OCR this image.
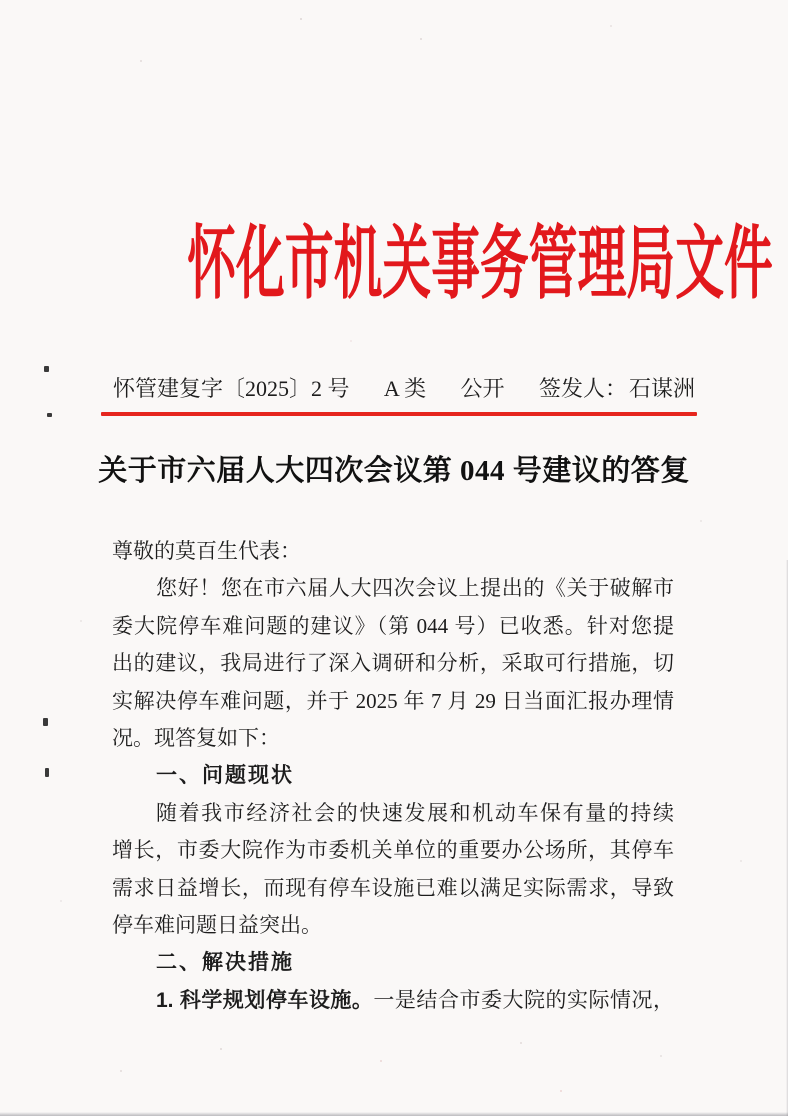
怀化市机关事务管理局文件
怀管建复字〔2025〕2 号 A 类 公开 签发人：石谋洲
关于市六届人大四次会议第 044 号建议的答复
尊敬的莫百生代表：
您好！您在市六届人大四次会议上提出的《关于破解市
委大院停车难问题的建议》（第 044 号）已收悉。针对您提
出的建议，我局进行了深入调研和分析，采取可行措施，切
实解决停车难问题，并于 2025 年 7 月 29 日当面汇报办理情
况。现答复如下：
一、问题现状
随着我市经济社会的快速发展和机动车保有量的持续
增长，市委大院作为市委机关单位的重要办公场所，其停车
需求日益增长，而现有停车设施已难以满足实际需求，导致
停车难问题日益突出。
二、解决措施
1. 科学规划停车设施。一是结合市委大院的实际情况，
